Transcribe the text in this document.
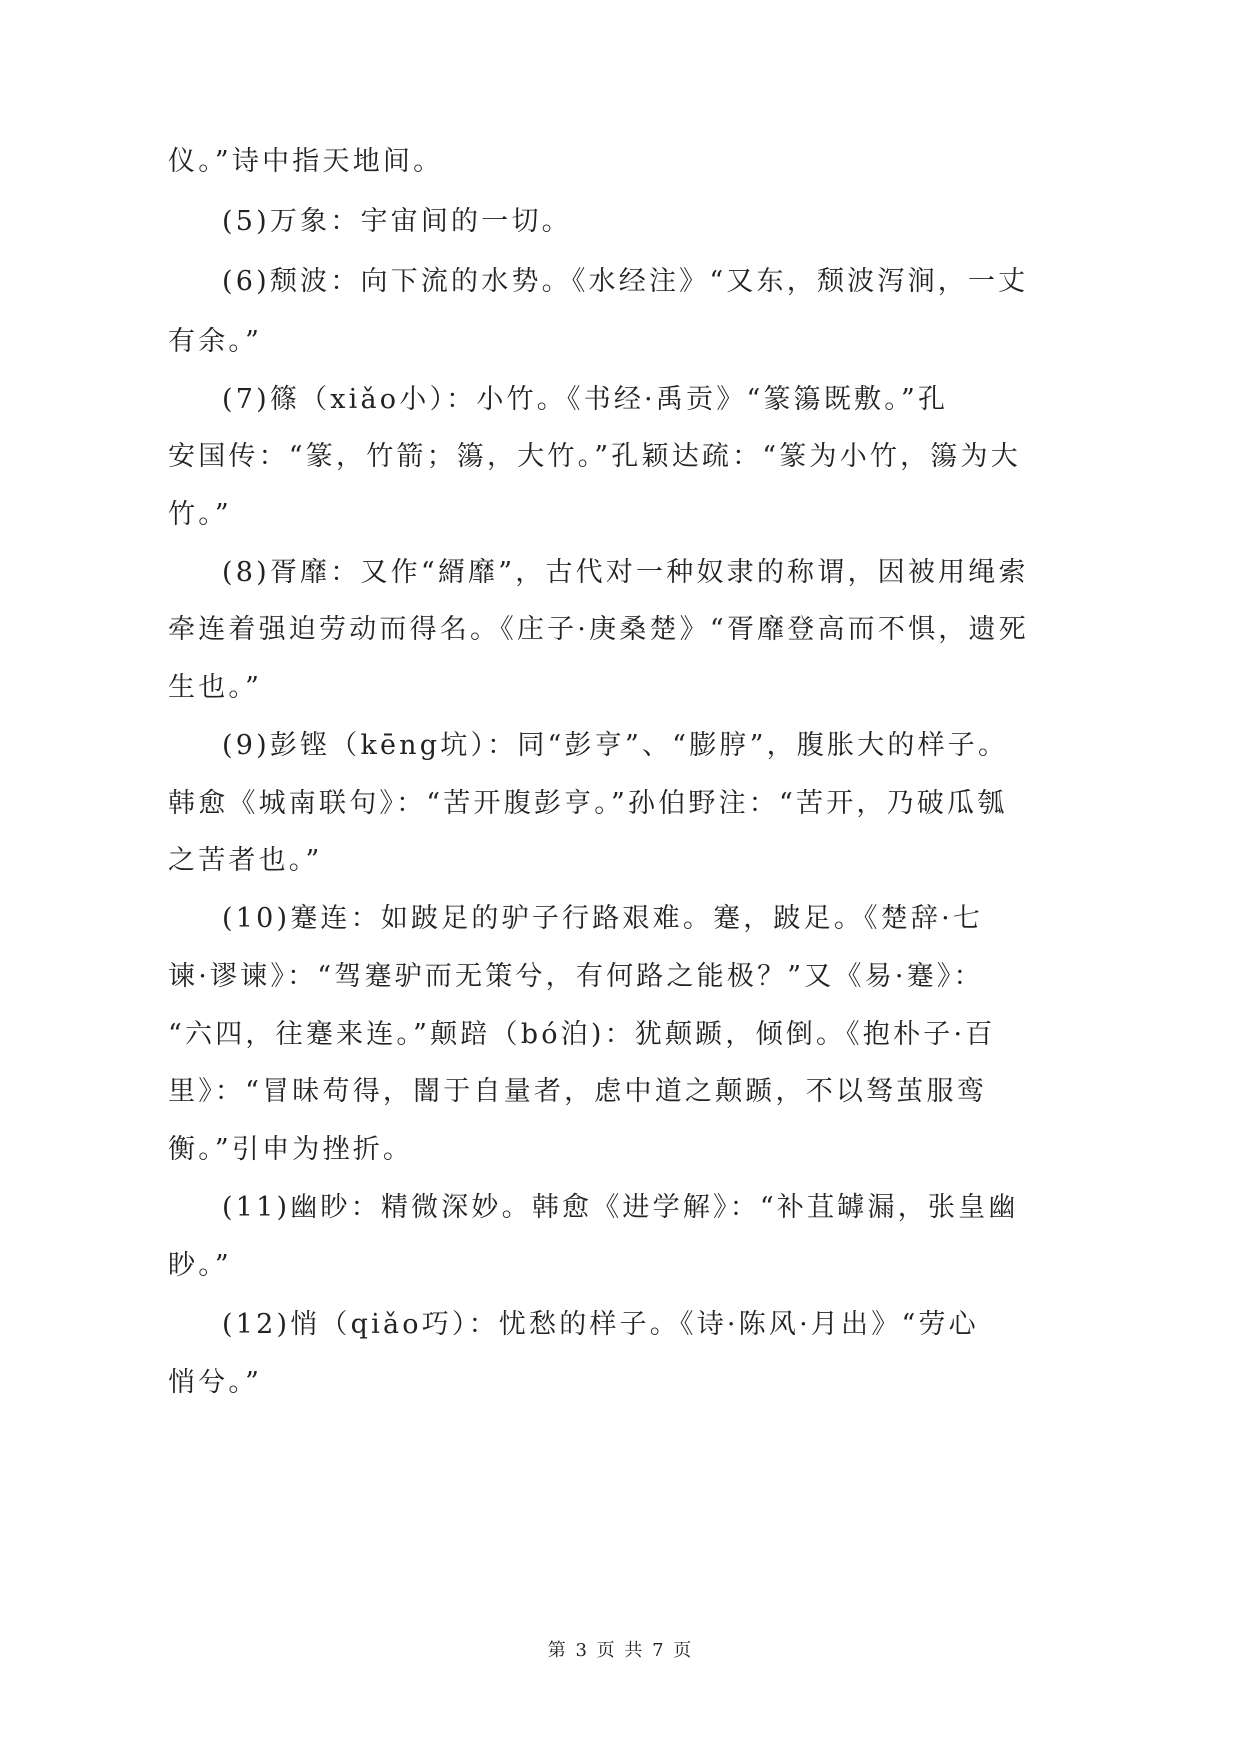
仪。”诗中指天地间。
(5)万象：宇宙间的一切。
(6)颓波：向下流的水势。《水经注》“又东，颓波泻涧，一丈
有余。”
(7)篠（xiǎo小）：小竹。《书经·禹贡》“篆簜既敷。”孔
安国传：“篆，竹箭；簜，大竹。”孔颖达疏：“篆为小竹，簜为大
竹。”
(8)胥靡：又作“縃靡”，古代对一种奴隶的称谓，因被用绳索
牵连着强迫劳动而得名。《庄子·庚桑楚》“胥靡登高而不惧，遗死
生也。”
(9)彭铿（kēng坑）：同“彭亨”、“膨脝”，腹胀大的样子。
韩愈《城南联句》：“苦开腹彭亨。”孙伯野注：“苦开，乃破瓜瓠
之苦者也。”
(10)蹇连：如跛足的驴子行路艰难。蹇，跛足。《楚辞·七
谏·谬谏》：“驾蹇驴而无策兮，有何路之能极？”又《易·蹇》：
“六四，往蹇来连。”颠踣（bó泊)：犹颠踬，倾倒。《抱朴子·百
里》：“冒昧苟得，闇于自量者，虑中道之颠踬，不以驽茧服鸾
衡。”引申为挫折。
(11)幽眇：精微深妙。韩愈《进学解》：“补苴罅漏，张皇幽
眇。”
(12)悄（qiǎo巧）：忧愁的样子。《诗·陈风·月出》“劳心
悄兮。”
第 3 页 共 7 页
